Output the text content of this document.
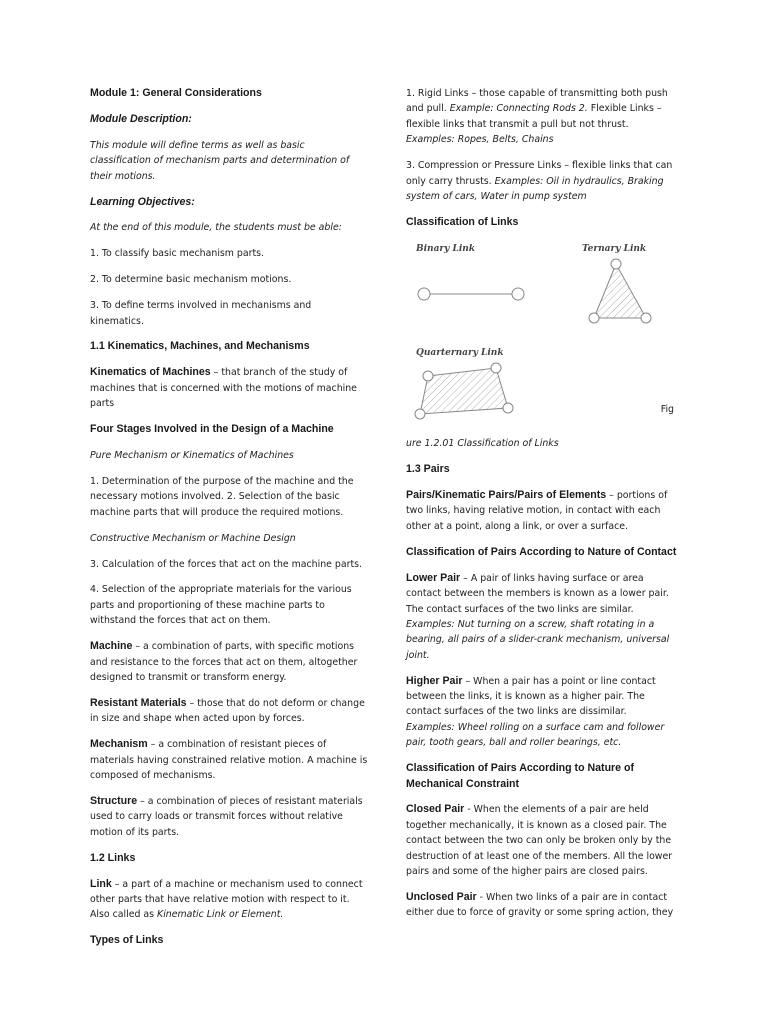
Module 1: General Considerations

Module Description:

This module will define terms as well as basic classification of mechanism parts and determination of their motions.

Learning Objectives:

At the end of this module, the students must be able:

1. To classify basic mechanism parts.

2. To determine basic mechanism motions.

3. To define terms involved in mechanisms and kinematics.

1.1 Kinematics, Machines, and Mechanisms

Kinematics of Machines – that branch of the study of machines that is concerned with the motions of machine parts

Four Stages Involved in the Design of a Machine

Pure Mechanism or Kinematics of Machines

1. Determination of the purpose of the machine and the necessary motions involved. 2. Selection of the basic machine parts that will produce the required motions.

Constructive Mechanism or Machine Design

3. Calculation of the forces that act on the machine parts.

4. Selection of the appropriate materials for the various parts and proportioning of these machine parts to withstand the forces that act on them.

Machine – a combination of parts, with specific motions and resistance to the forces that act on them, altogether designed to transmit or transform energy.

Resistant Materials – those that do not deform or change in size and shape when acted upon by forces.

Mechanism – a combination of resistant pieces of materials having constrained relative motion. A machine is composed of mechanisms.

Structure – a combination of pieces of resistant materials used to carry loads or transmit forces without relative motion of its parts.

1.2 Links

Link – a part of a machine or mechanism used to connect other parts that have relative motion with respect to it. Also called as Kinematic Link or Element.

Types of Links

1. Rigid Links – those capable of transmitting both push and pull. Example: Connecting Rods 2. Flexible Links – flexible links that transmit a pull but not thrust. Examples: Ropes, Belts, Chains

3. Compression or Pressure Links – flexible links that can only carry thrusts. Examples: Oil in hydraulics, Braking system of cars, Water in pump system

Classification of Links

Binary Link	Ternary Link
Quarternary Link
Fig

ure 1.2.01 Classification of Links

1.3 Pairs

Pairs/Kinematic Pairs/Pairs of Elements – portions of two links, having relative motion, in contact with each other at a point, along a link, or over a surface.

Classification of Pairs According to Nature of Contact

Lower Pair – A pair of links having surface or area contact between the members is known as a lower pair. The contact surfaces of the two links are similar. Examples: Nut turning on a screw, shaft rotating in a bearing, all pairs of a slider-crank mechanism, universal joint.

Higher Pair – When a pair has a point or line contact between the links, it is known as a higher pair. The contact surfaces of the two links are dissimilar. Examples: Wheel rolling on a surface cam and follower pair, tooth gears, ball and roller bearings, etc.

Classification of Pairs According to Nature of Mechanical Constraint

Closed Pair - When the elements of a pair are held together mechanically, it is known as a closed pair. The contact between the two can only be broken only by the destruction of at least one of the members. All the lower pairs and some of the higher pairs are closed pairs.

Unclosed Pair - When two links of a pair are in contact either due to force of gravity or some spring action, they
